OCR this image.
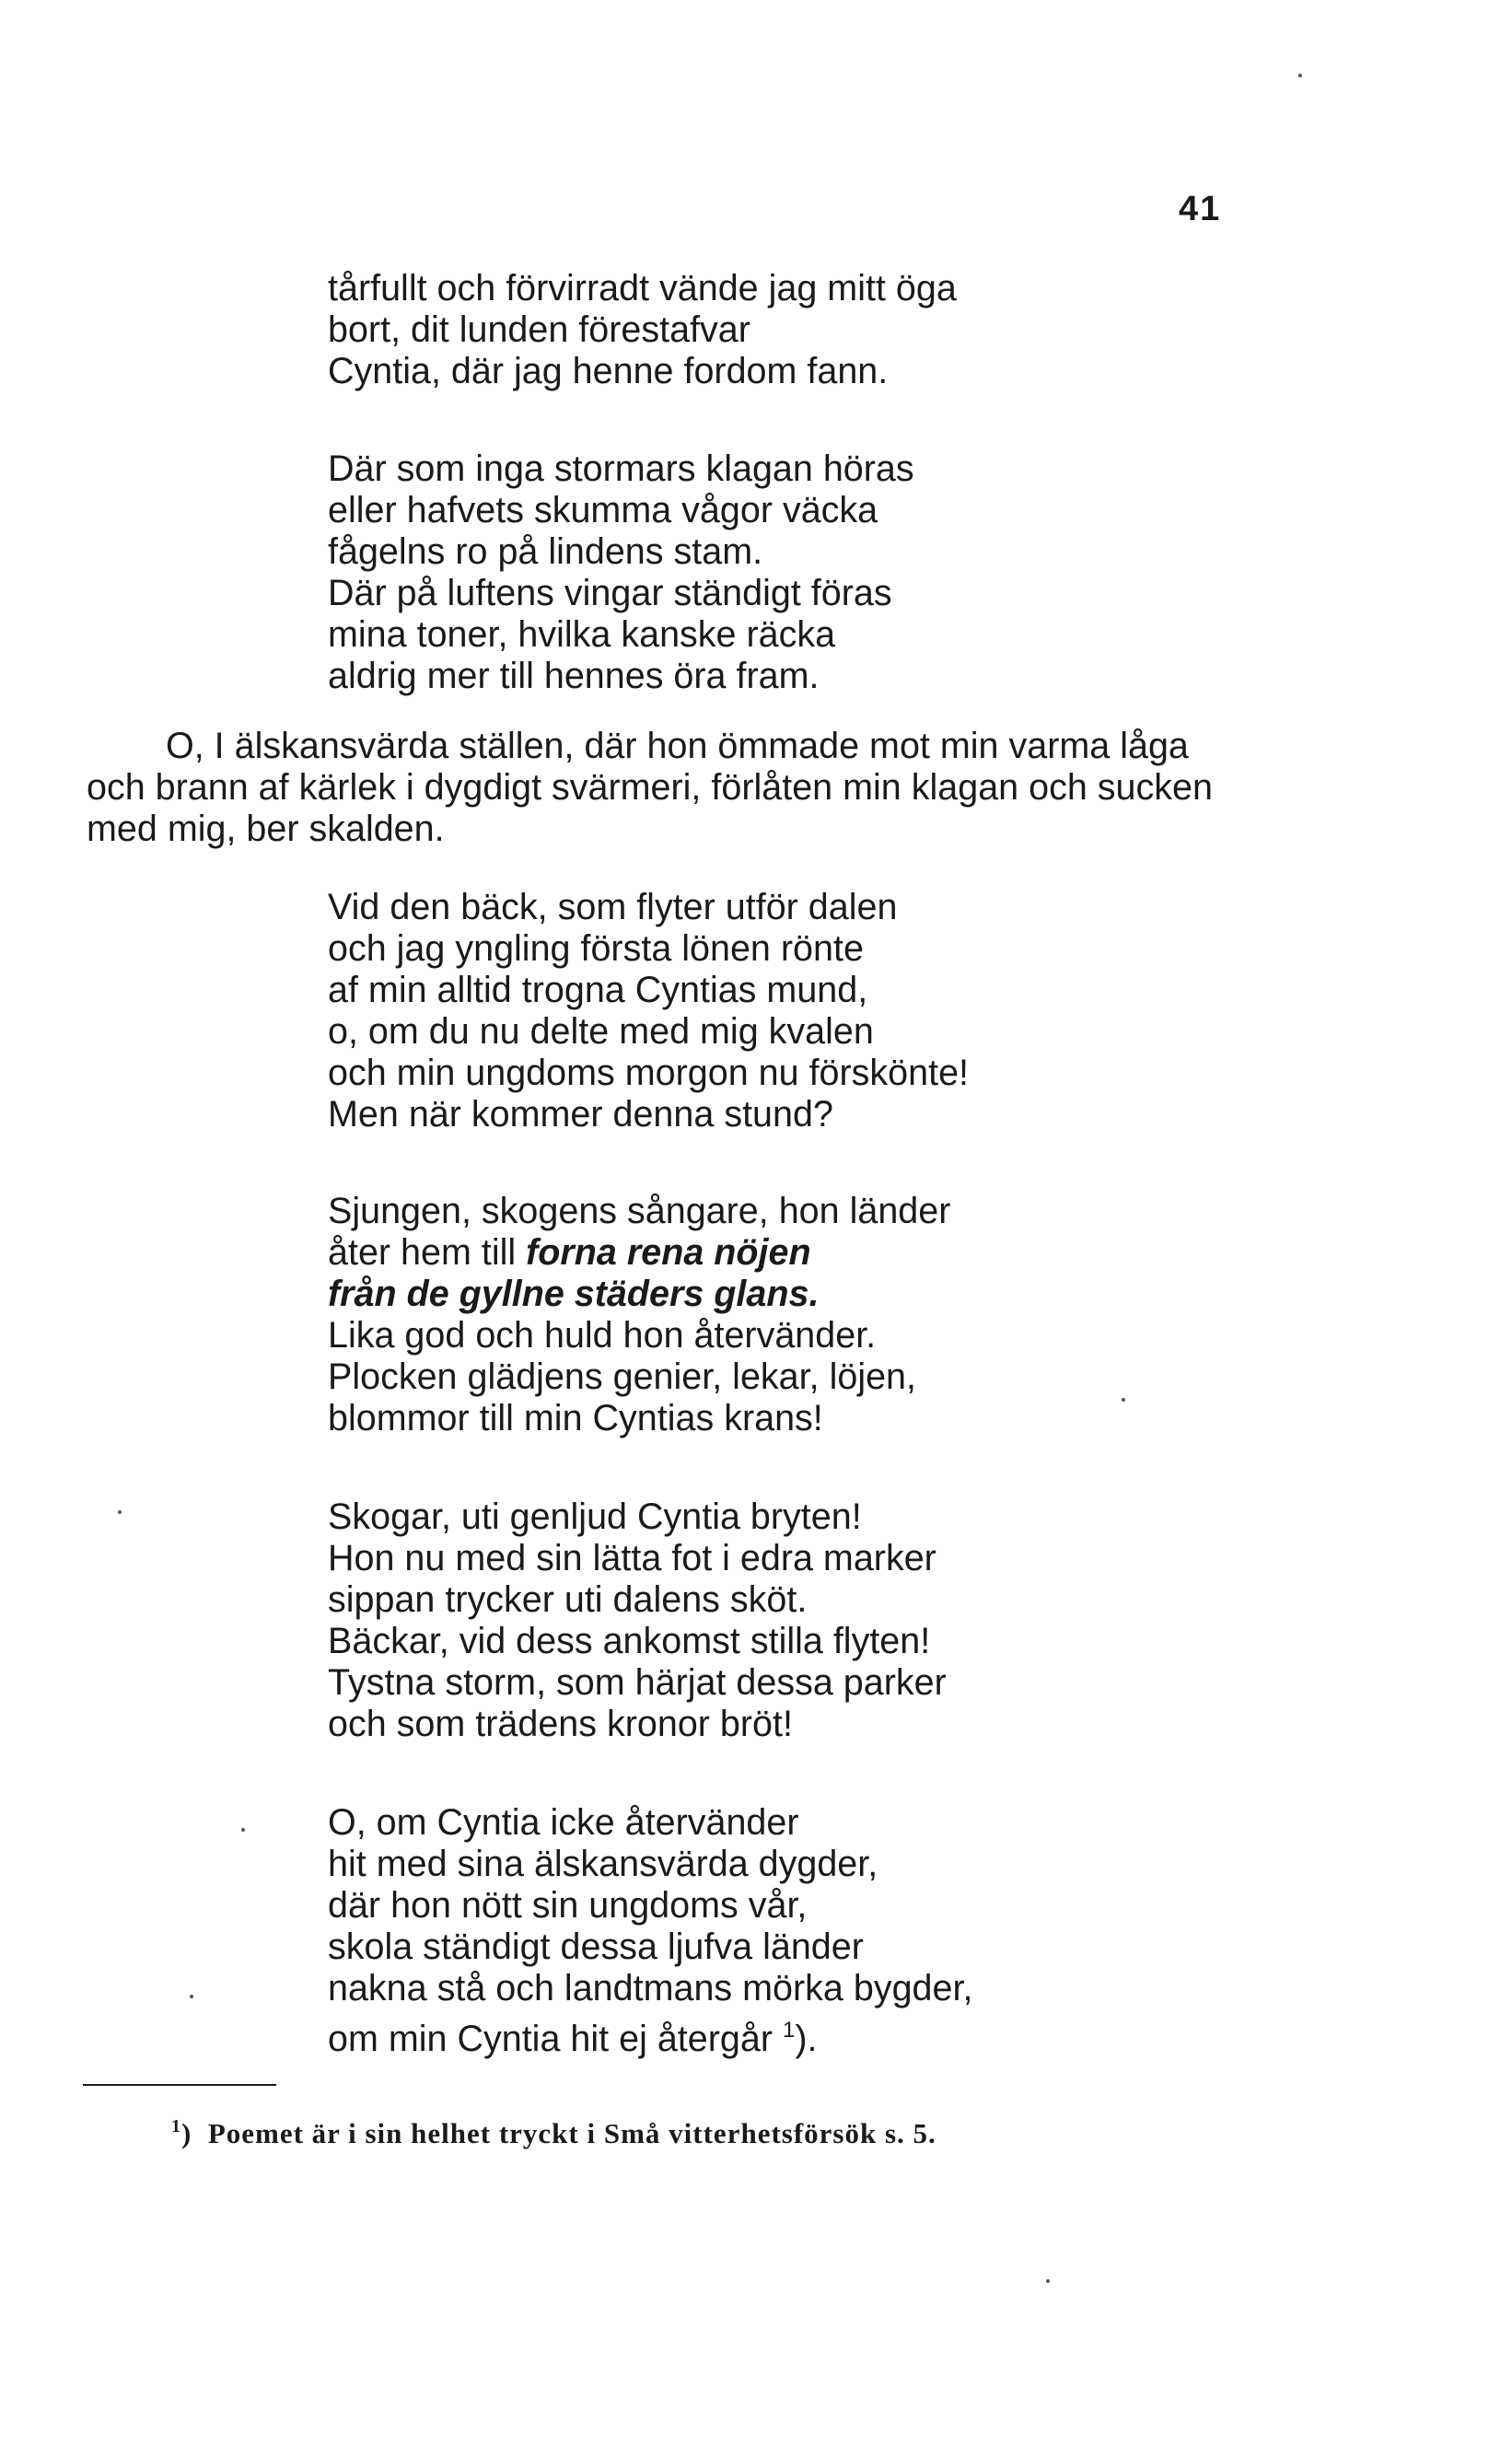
41
tårfullt och förvirradt vände jag mitt öga
bort, dit lunden förestafvar
Cyntia, där jag henne fordom fann.
Där som inga stormars klagan höras
eller hafvets skumma vågor väcka
fågelns ro på lindens stam.
Där på luftens vingar ständigt föras
mina toner, hvilka kanske räcka
aldrig mer till hennes öra fram.
O, I älskansvärda ställen, där hon ömmade mot min varma låga
och brann af kärlek i dygdigt svärmeri, förlåten min klagan och sucken
med mig, ber skalden.
Vid den bäck, som flyter utför dalen
och jag yngling första lönen rönte
af min alltid trogna Cyntias mund,
o, om du nu delte med mig kvalen
och min ungdoms morgon nu förskönte!
Men när kommer denna stund?
Sjungen, skogens sångare, hon länder
åter hem till forna rena nöjen
från de gyllne städers glans.
Lika god och huld hon återvänder.
Plocken glädjens genier, lekar, löjen,
blommor till min Cyntias krans!
Skogar, uti genljud Cyntia bryten!
Hon nu med sin lätta fot i edra marker
sippan trycker uti dalens sköt.
Bäckar, vid dess ankomst stilla flyten!
Tystna storm, som härjat dessa parker
och som trädens kronor bröt!
O, om Cyntia icke återvänder
hit med sina älskansvärda dygder,
där hon nött sin ungdoms vår,
skola ständigt dessa ljufva länder
nakna stå och landtmans mörka bygder,
om min Cyntia hit ej återgår $^1$).
$^1$) Poemet är i sin helhet tryckt i Små vitterhetsförsök s. 5.
